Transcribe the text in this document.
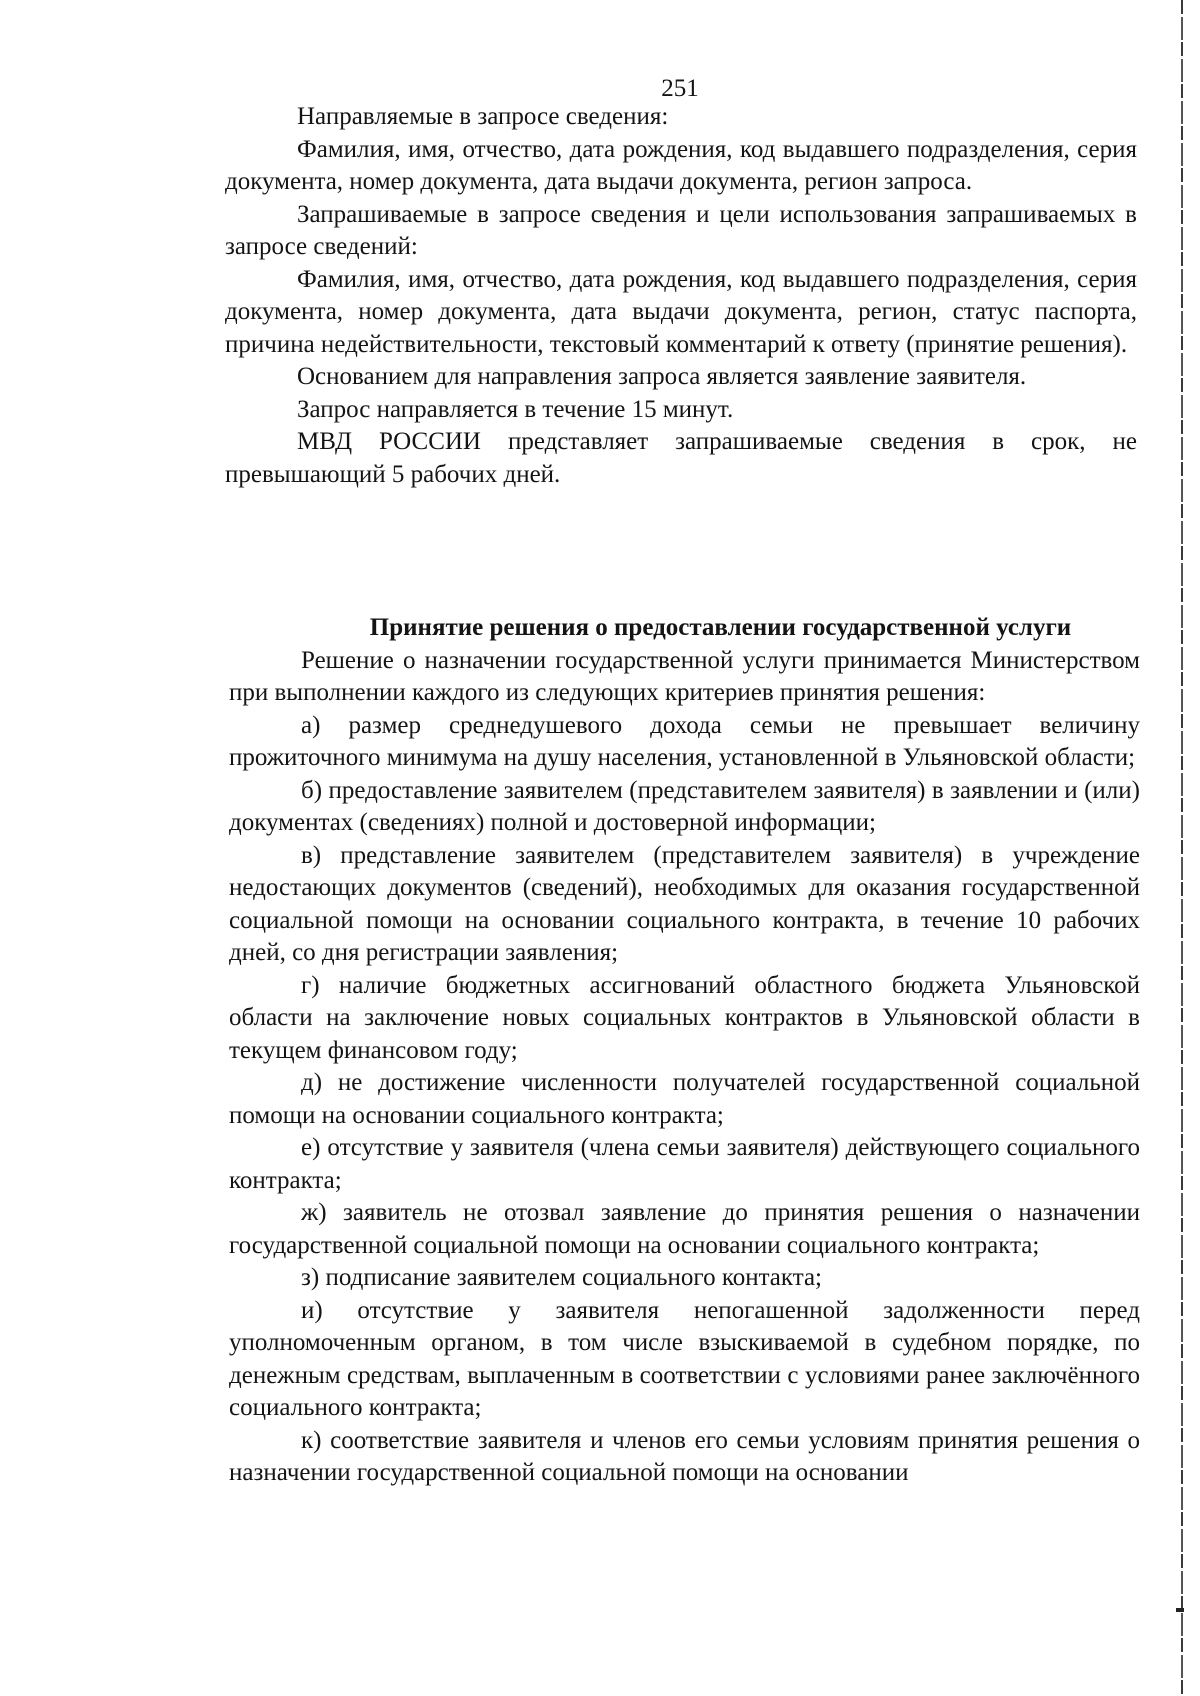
251

Направляемые в запросе сведения:

Фамилия, имя, отчество, дата рождения, код выдавшего подразделения, серия документа, номер документа, дата выдачи документа, регион запроса.

Запрашиваемые в запросе сведения и цели использования запрашиваемых в запросе сведений:

Фамилия, имя, отчество, дата рождения, код выдавшего подразделения, серия документа, номер документа, дата выдачи документа, регион, статус паспорта, причина недействительности, текстовый комментарий к ответу (принятие решения).

Основанием для направления запроса является заявление заявителя.

Запрос направляется в течение 15 минут.

МВД РОССИИ представляет запрашиваемые сведения в срок, не превышающий 5 рабочих дней.

Принятие решения о предоставлении государственной услуги

Решение о назначении государственной услуги принимается Министерством при выполнении каждого из следующих критериев принятия решения:

а) размер среднедушевого дохода семьи не превышает величину прожиточного минимума на душу населения, установленной в Ульяновской области;

б) предоставление заявителем (представителем заявителя) в заявлении и (или) документах (сведениях) полной и достоверной информации;

в) представление заявителем (представителем заявителя) в учреждение недостающих документов (сведений), необходимых для оказания государственной социальной помощи на основании социального контракта, в течение 10 рабочих дней, со дня регистрации заявления;

г) наличие бюджетных ассигнований областного бюджета Ульяновской области на заключение новых социальных контрактов в Ульяновской области в текущем финансовом году;

д) не достижение численности получателей государственной социальной помощи на основании социального контракта;

е) отсутствие у заявителя (члена семьи заявителя) действующего социального контракта;

ж) заявитель не отозвал заявление до принятия решения о назначении государственной социальной помощи на основании социального контракта;

з) подписание заявителем социального контакта;

и) отсутствие у заявителя непогашенной задолженности перед уполномоченным органом, в том числе взыскиваемой в судебном порядке, по денежным средствам, выплаченным в соответствии с условиями ранее заключённого социального контракта;

к) соответствие заявителя и членов его семьи условиям принятия решения о назначении государственной социальной помощи на основании
